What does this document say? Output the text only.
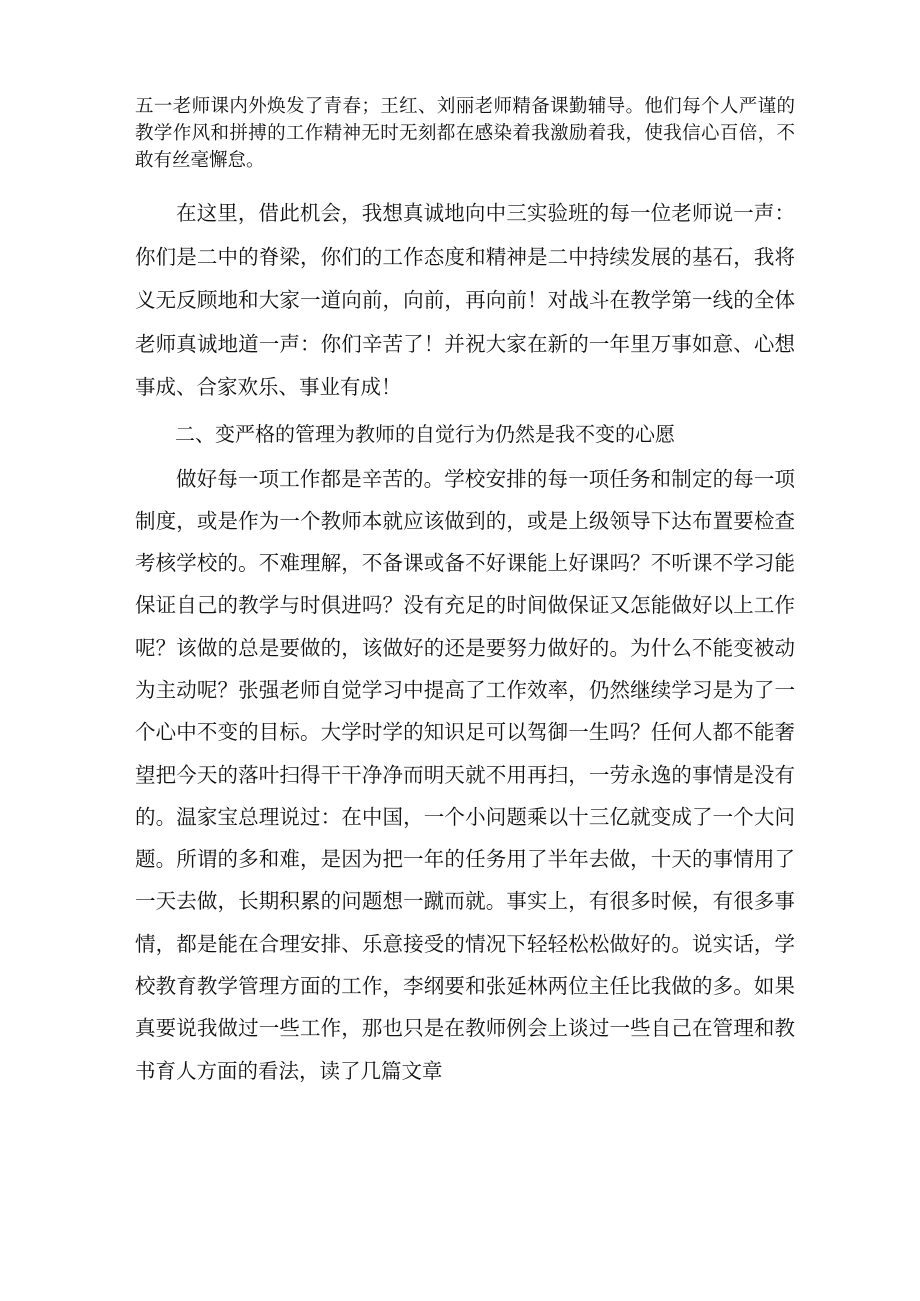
五一老师课内外焕发了青春；王红、刘丽老师精备课勤辅导。他们每个人严谨的教学作风和拼搏的工作精神无时无刻都在感染着我激励着我，使我信心百倍，不敢有丝毫懈怠。

在这里，借此机会，我想真诚地向中三实验班的每一位老师说一声：你们是二中的脊梁，你们的工作态度和精神是二中持续发展的基石，我将义无反顾地和大家一道向前，向前，再向前！对战斗在教学第一线的全体老师真诚地道一声：你们辛苦了！并祝大家在新的一年里万事如意、心想事成、合家欢乐、事业有成！

二、变严格的管理为教师的自觉行为仍然是我不变的心愿

做好每一项工作都是辛苦的。学校安排的每一项任务和制定的每一项制度，或是作为一个教师本就应该做到的，或是上级领导下达布置要检查考核学校的。不难理解，不备课或备不好课能上好课吗？不听课不学习能保证自己的教学与时俱进吗？没有充足的时间做保证又怎能做好以上工作呢？该做的总是要做的，该做好的还是要努力做好的。为什么不能变被动为主动呢？张强老师自觉学习中提高了工作效率，仍然继续学习是为了一个心中不变的目标。大学时学的知识足可以驾御一生吗？任何人都不能奢望把今天的落叶扫得干干净净而明天就不用再扫，一劳永逸的事情是没有的。温家宝总理说过：在中国，一个小问题乘以十三亿就变成了一个大问题。所谓的多和难，是因为把一年的任务用了半年去做，十天的事情用了一天去做，长期积累的问题想一蹴而就。事实上，有很多时候，有很多事情，都是能在合理安排、乐意接受的情况下轻轻松松做好的。说实话，学校教育教学管理方面的工作，李纲要和张延林两位主任比我做的多。如果真要说我做过一些工作，那也只是在教师例会上谈过一些自己在管理和教书育人方面的看法，读了几篇文章
